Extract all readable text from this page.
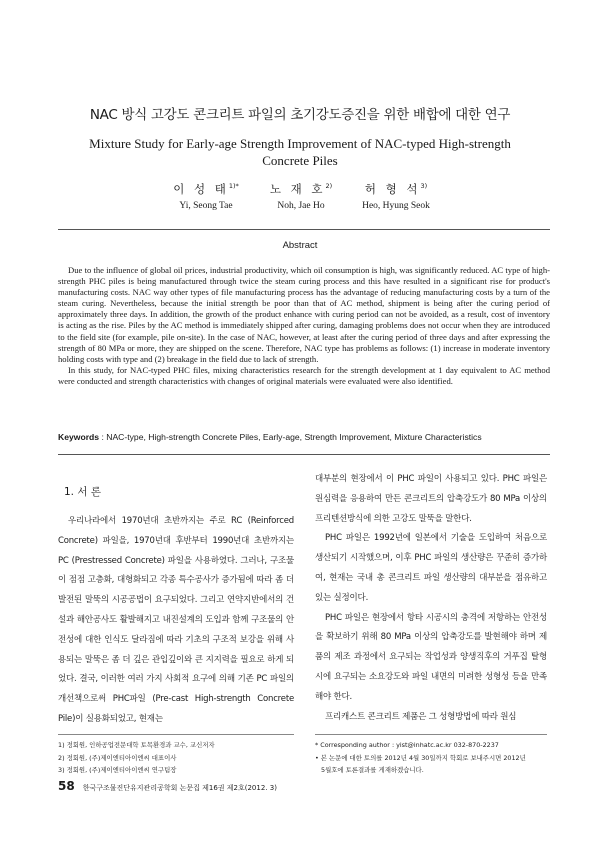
NAC 방식 고강도 콘크리트 파일의 초기강도증진을 위한 배합에 대한 연구
Mixture Study for Early-age Strength Improvement of NAC-typed High-strength Concrete Piles
이 성 태$^{1)*}$
Yi, Seong Tae
노 재 호$^{2)}$
Noh, Jae Ho
허 형 석$^{3)}$
Heo, Hyung Seok
Abstract

Due to the influence of global oil prices, industrial productivity, which oil consumption is high, was significantly reduced. AC type of high-strength PHC piles is being manufactured through twice the steam curing process and this have resulted in a significant rise for product's manufacturing costs. NAC way other types of file manufacturing process has the advantage of reducing manufacturing costs by a turn of the steam curing. Nevertheless, because the initial strength be poor than that of AC method, shipment is being after the curing period of approximately three days. In addition, the growth of the product enhance with curing period can not be avoided, as a result, cost of inventory is acting as the rise. Piles by the AC method is immediately shipped after curing, damaging problems does not occur when they are introduced to the field site (for example, pile on-site). In the case of NAC, however, at least after the curing period of three days and after expressing the strength of 80 MPa or more, they are shipped on the scene. Therefore, NAC type has problems as follows: (1) increase in moderate inventory holding costs with type and (2) breakage in the field due to lack of strength.

In this study, for NAC-typed PHC files, mixing characteristics research for the strength development at 1 day equivalent to AC method were conducted and strength characteristics with changes of original materials were evaluated were also identified.

Keywords : NAC-type, High-strength Concrete Piles, Early-age, Strength Improvement, Mixture Characteristics
1. 서 론

우리나라에서 1970년대 초반까지는 주로 RC (Reinforced Concrete) 파일을, 1970년대 후반부터 1990년대 초반까지는 PC (Prestressed Concrete) 파일을 사용하였다. 그러나, 구조물이 점점 고층화, 대형화되고 각종 특수공사가 증가됨에 따라 좀 더 발전된 말뚝의 시공공법이 요구되었다. 그리고 연약지반에서의 건설과 해안공사도 활발해지고 내진설계의 도입과 함께 구조물의 안전성에 대한 인식도 달라짐에 따라 기초의 구조적 보강을 위해 사용되는 말뚝은 좀 더 깊은 관입깊이와 큰 지지력을 필요로 하게 되었다. 결국, 이러한 여러 가지 사회적 요구에 의해 기존 PC 파일의 개선책으로써 PHC파일 (Pre-cast High-strength Concrete Pile)이 실용화되었고, 현재는

대부분의 현장에서 이 PHC 파일이 사용되고 있다. PHC 파일은 원심력을 응용하여 만든 콘크리트의 압축강도가 80 MPa 이상의 프리텐션방식에 의한 고강도 말뚝을 말한다.

PHC 파일은 1992년에 일본에서 기술을 도입하여 처음으로 생산되기 시작했으며, 이후 PHC 파일의 생산량은 꾸준히 증가하여, 현재는 국내 총 콘크리트 파일 생산량의 대부분을 점유하고 있는 실정이다.

PHC 파일은 현장에서 항타 시공시의 충격에 저항하는 안전성을 확보하기 위해 80 MPa 이상의 압축강도를 발현해야 하며 제품의 제조 과정에서 요구되는 작업성과 양생직후의 거푸집 탈형시에 요구되는 소요강도와 파일 내면의 미려한 성형성 등을 만족해야 한다.

프리캐스트 콘크리트 제품은 그 성형방법에 따라 원심

1) 정회원, 인하공업전문대학 토목환경과 교수, 교신저자
2) 정회원, (주)제이엔티아이엔씨 대표이사
3) 정회원, (주)제이엔티아이엔씨 연구팀장
* Corresponding author : yist@inhatc.ac.kr 032-870-2237
• 본 논문에 대한 토의를 2012년 4월 30일까지 학회로 보내주시면 2012년
5월호에 토론결과를 게재하겠습니다.
58 한국구조물진단유지관리공학회 논문집 제16권 제2호(2012. 3)
